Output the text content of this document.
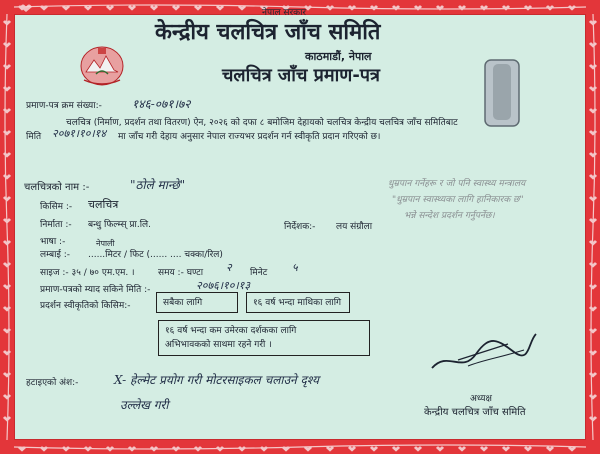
नेपाल सरकार
केन्द्रीय चलचित्र जाँच समिति
काठमाडौं, नेपाल
चलचित्र जाँच प्रमाण-पत्र
प्रमाण-पत्र क्रम संख्या:-	१४६-०७१।७२
चलचित्र (निर्माण, प्रदर्शन तथा वितरण) ऐन, २०२६ को दफा ८ बमोजिम देहायको चलचित्र केन्द्रीय चलचित्र जाँच समितिबाट
मिति २०७१।१०।१४ मा जाँच गरी देहाय अनुसार नेपाल राज्यभर प्रदर्शन गर्न स्वीकृति प्रदान गरिएको छ।
धुम्रपान गर्नेहरू र जो पनि स्वास्थ्य मन्त्रालय
"धुम्रपान स्वास्थ्यका लागि हानिकारक छ"
भन्ने सन्देश प्रदर्शन गर्नुपर्नेछ।
चलचित्रको नाम :-	"ठोले मान्छे"
किसिम :- चलचित्र
निर्माता :- बन्धु फिल्म्स् प्रा.लि.	निर्देशक:- लय संग्रौला
भाषा :-	नेपाली
लम्बाई :- ......मिटर / फिट (...... .... चक्का/रिल)
साइज :- ३५ / ७० एम.एम. ।	समय :- घण्टा २ मिनेट ५
प्रमाण-पत्रको म्याद सकिने मिति :-	२०७६।१०।१३
प्रदर्शन स्वीकृतिको किसिम:-	सबैका लागि	१६ वर्ष भन्दा माथिका लागि
१६ वर्ष भन्दा कम उमेरका दर्शकका लागि
अभिभावकको साथमा रहने गरी ।
हटाइएको अंश:-	X- हेल्मेट प्रयोग गरी मोटरसाइकल चलाउने दृश्य
उल्लेख गरी	अध्यक्ष
केन्द्रीय चलचित्र जाँच समिति
